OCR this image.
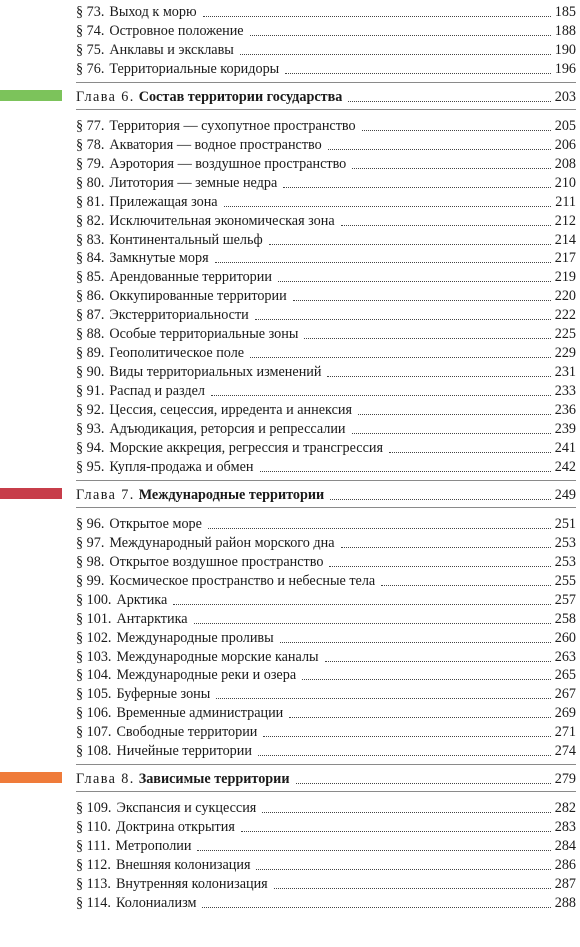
§ 73. Выход к морю	185
§ 74. Островное положение	188
§ 75. Анклавы и эксклавы	190
§ 76. Территориальные коридоры	196
Глава 6. Состав территории государства	203
§ 77. Территория — сухопутное пространство	205
§ 78. Акватория — водное пространство	206
§ 79. Аэротория — воздушное пространство	208
§ 80. Литотория — земные недра	210
§ 81. Прилежащая зона	211
§ 82. Исключительная экономическая зона	212
§ 83. Континентальный шельф	214
§ 84. Замкнутые моря	217
§ 85. Арендованные территории	219
§ 86. Оккупированные территории	220
§ 87. Экстерриториальности	222
§ 88. Особые территориальные зоны	225
§ 89. Геополитическое поле	229
§ 90. Виды территориальных изменений	231
§ 91. Распад и раздел	233
§ 92. Цессия, сецессия, ирредента и аннексия	236
§ 93. Адъюдикация, реторсия и репрессалии	239
§ 94. Морские аккреция, регрессия и трансгрессия	241
§ 95. Купля-продажа и обмен	242
Глава 7. Международные территории	249
§ 96. Открытое море	251
§ 97. Международный район морского дна	253
§ 98. Открытое воздушное пространство	253
§ 99. Космическое пространство и небесные тела	255
§ 100. Арктика	257
§ 101. Антарктика	258
§ 102. Международные проливы	260
§ 103. Международные морские каналы	263
§ 104. Международные реки и озера	265
§ 105. Буферные зоны	267
§ 106. Временные администрации	269
§ 107. Свободные территории	271
§ 108. Ничейные территории	274
Глава 8. Зависимые территории	279
§ 109. Экспансия и сукцессия	282
§ 110. Доктрина открытия	283
§ 111. Метрополии	284
§ 112. Внешняя колонизация	286
§ 113. Внутренняя колонизация	287
§ 114. Колониализм	288
